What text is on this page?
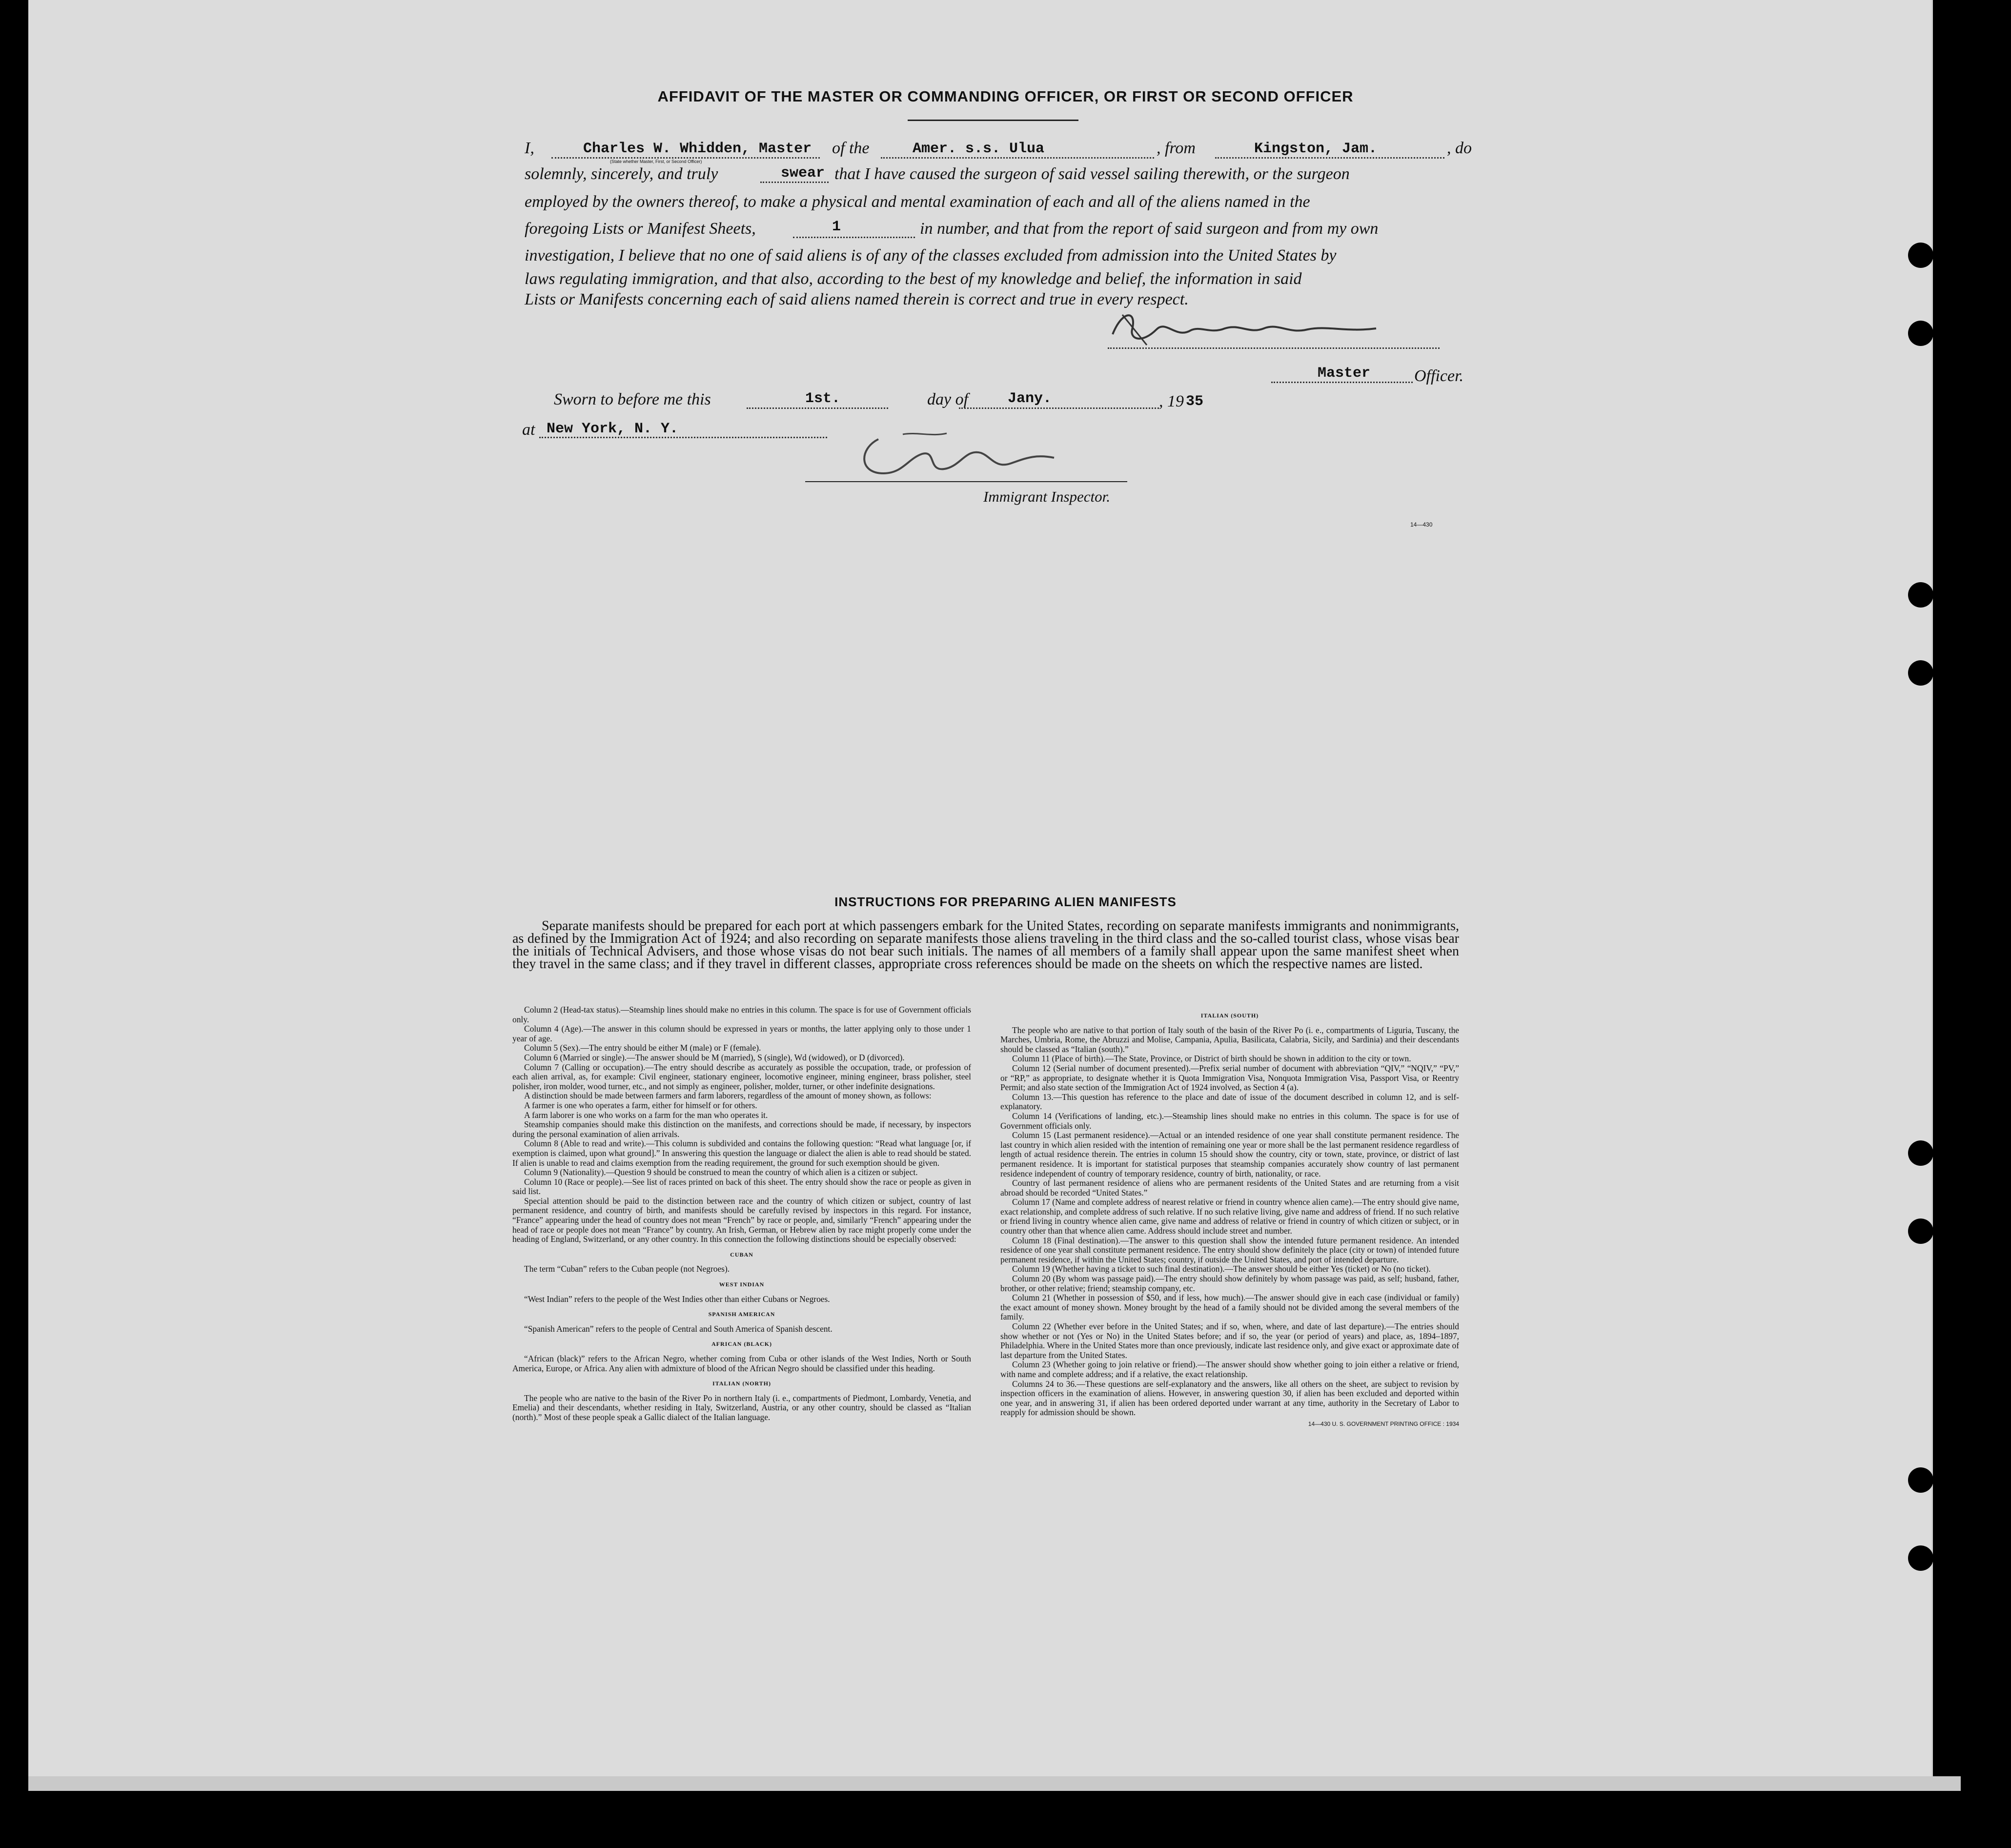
AFFIDAVIT OF THE MASTER OR COMMANDING OFFICER, OR FIRST OR SECOND OFFICER
I,	Charles W. Whidden, Master of the
(State whether Master, First, or Second Officer)
Amer. s.s. Ulua	, from	Kingston, Jam.	, do
solemnly, sincerely, and truly	swear that I have caused the surgeon of said vessel sailing therewith, or the surgeon
employed by the owners thereof, to make a physical and mental examination of each and all of the aliens named in the
foregoing Lists or Manifest Sheets,	1	in number, and that from the report of said surgeon and from my own
investigation, I believe that no one of said aliens is of any of the classes excluded from admission into the United States by
laws regulating immigration, and that also, according to the best of my knowledge and belief, the information in said
Lists or Manifests concerning each of said aliens named therein is correct and true in every respect.
Master	Officer.
Sworn to before me this	1st.	day of	Jany.	, 19 35
at New York, N. Y.
Immigrant Inspector.
14—430
INSTRUCTIONS FOR PREPARING ALIEN MANIFESTS
Separate manifests should be prepared for each port at which passengers embark for the United States, recording on separate manifests immigrants and nonimmigrants, as defined by the Immigration Act of 1924; and also recording on separate manifests those aliens traveling in the third class and the so-called tourist class, whose visas bear the initials of Technical Advisers, and those whose visas do not bear such initials. The names of all members of a family shall appear upon the same manifest sheet when they travel in the same class; and if they travel in different classes, appropriate cross references should be made on the sheets on which the respective names are listed.

Column 2 (Head-tax status).—Steamship lines should make no entries in this column. The space is for use of Government officials only.

Column 4 (Age).—The answer in this column should be expressed in years or months, the latter applying only to those under 1 year of age.

Column 5 (Sex).—The entry should be either M (male) or F (female).

Column 6 (Married or single).—The answer should be M (married), S (single), Wd (widowed), or D (divorced).

Column 7 (Calling or occupation).—The entry should describe as accurately as possible the occupation, trade, or profession of each alien arrival, as, for example: Civil engineer, stationary engineer, locomotive engineer, mining engineer, brass polisher, steel polisher, iron molder, wood turner, etc., and not simply as engineer, polisher, molder, turner, or other indefinite designations.

A distinction should be made between farmers and farm laborers, regardless of the amount of money shown, as follows:

A farmer is one who operates a farm, either for himself or for others.

A farm laborer is one who works on a farm for the man who operates it.

Steamship companies should make this distinction on the manifests, and corrections should be made, if necessary, by inspectors during the personal examination of alien arrivals.

Column 8 (Able to read and write).—This column is subdivided and contains the following question: “Read what language [or, if exemption is claimed, upon what ground].” In answering this question the language or dialect the alien is able to read should be stated. If alien is unable to read and claims exemption from the reading requirement, the ground for such exemption should be given.

Column 9 (Nationality).—Question 9 should be construed to mean the country of which alien is a citizen or subject.

Column 10 (Race or people).—See list of races printed on back of this sheet. The entry should show the race or people as given in said list.

Special attention should be paid to the distinction between race and the country of which citizen or subject, country of last permanent residence, and country of birth, and manifests should be carefully revised by inspectors in this regard. For instance, “France” appearing under the head of country does not mean “French” by race or people, and, similarly “French” appearing under the head of race or people does not mean “France” by country. An Irish, German, or Hebrew alien by race might properly come under the heading of England, Switzerland, or any other country. In this connection the following distinctions should be especially observed:

CUBAN

The term “Cuban” refers to the Cuban people (not Negroes).

WEST INDIAN

“West Indian” refers to the people of the West Indies other than either Cubans or Negroes.

SPANISH AMERICAN

“Spanish American” refers to the people of Central and South America of Spanish descent.

AFRICAN (BLACK)

“African (black)” refers to the African Negro, whether coming from Cuba or other islands of the West Indies, North or South America, Europe, or Africa. Any alien with admixture of blood of the African Negro should be classified under this heading.

ITALIAN (NORTH)

The people who are native to the basin of the River Po in northern Italy (i. e., compartments of Piedmont, Lombardy, Venetia, and Emelia) and their descendants, whether residing in Italy, Switzerland, Austria, or any other country, should be classed as “Italian (north).” Most of these people speak a Gallic dialect of the Italian language.

ITALIAN (SOUTH)

The people who are native to that portion of Italy south of the basin of the River Po (i. e., compartments of Liguria, Tuscany, the Marches, Umbria, Rome, the Abruzzi and Molise, Campania, Apulia, Basilicata, Calabria, Sicily, and Sardinia) and their descendants should be classed as “Italian (south).”

Column 11 (Place of birth).—The State, Province, or District of birth should be shown in addition to the city or town.

Column 12 (Serial number of document presented).—Prefix serial number of document with abbreviation “QIV,” “NQIV,” “PV,” or “RP,” as appropriate, to designate whether it is Quota Immigration Visa, Nonquota Immigration Visa, Passport Visa, or Reentry Permit; and also state section of the Immigration Act of 1924 involved, as Section 4 (a).

Column 13.—This question has reference to the place and date of issue of the document described in column 12, and is self-explanatory.

Column 14 (Verifications of landing, etc.).—Steamship lines should make no entries in this column. The space is for use of Government officials only.

Column 15 (Last permanent residence).—Actual or an intended residence of one year shall constitute permanent residence. The last country in which alien resided with the intention of remaining one year or more shall be the last permanent residence regardless of length of actual residence therein. The entries in column 15 should show the country, city or town, state, province, or district of last permanent residence. It is important for statistical purposes that steamship companies accurately show country of last permanent residence independent of country of temporary residence, country of birth, nationality, or race.

Country of last permanent residence of aliens who are permanent residents of the United States and are returning from a visit abroad should be recorded “United States.”

Column 17 (Name and complete address of nearest relative or friend in country whence alien came).—The entry should give name, exact relationship, and complete address of such relative. If no such relative living, give name and address of friend. If no such relative or friend living in country whence alien came, give name and address of relative or friend in country of which citizen or subject, or in country other than that whence alien came. Address should include street and number.

Column 18 (Final destination).—The answer to this question shall show the intended future permanent residence. An intended residence of one year shall constitute permanent residence. The entry should show definitely the place (city or town) of intended future permanent residence, if within the United States; country, if outside the United States, and port of intended departure.

Column 19 (Whether having a ticket to such final destination).—The answer should be either Yes (ticket) or No (no ticket).

Column 20 (By whom was passage paid).—The entry should show definitely by whom passage was paid, as self; husband, father, brother, or other relative; friend; steamship company, etc.

Column 21 (Whether in possession of $50, and if less, how much).—The answer should give in each case (individual or family) the exact amount of money shown. Money brought by the head of a family should not be divided among the several members of the family.

Column 22 (Whether ever before in the United States; and if so, when, where, and date of last departure).—The entries should show whether or not (Yes or No) in the United States before; and if so, the year (or period of years) and place, as, 1894–1897, Philadelphia. Where in the United States more than once previously, indicate last residence only, and give exact or approximate date of last departure from the United States.

Column 23 (Whether going to join relative or friend).—The answer should show whether going to join either a relative or friend, with name and complete address; and if a relative, the exact relationship.

Columns 24 to 36.—These questions are self-explanatory and the answers, like all others on the sheet, are subject to revision by inspection officers in the examination of aliens. However, in answering question 30, if alien has been excluded and deported within one year, and in answering 31, if alien has been ordered deported under warrant at any time, authority in the Secretary of Labor to reapply for admission should be shown.

14—430 U. S. GOVERNMENT PRINTING OFFICE : 1934
